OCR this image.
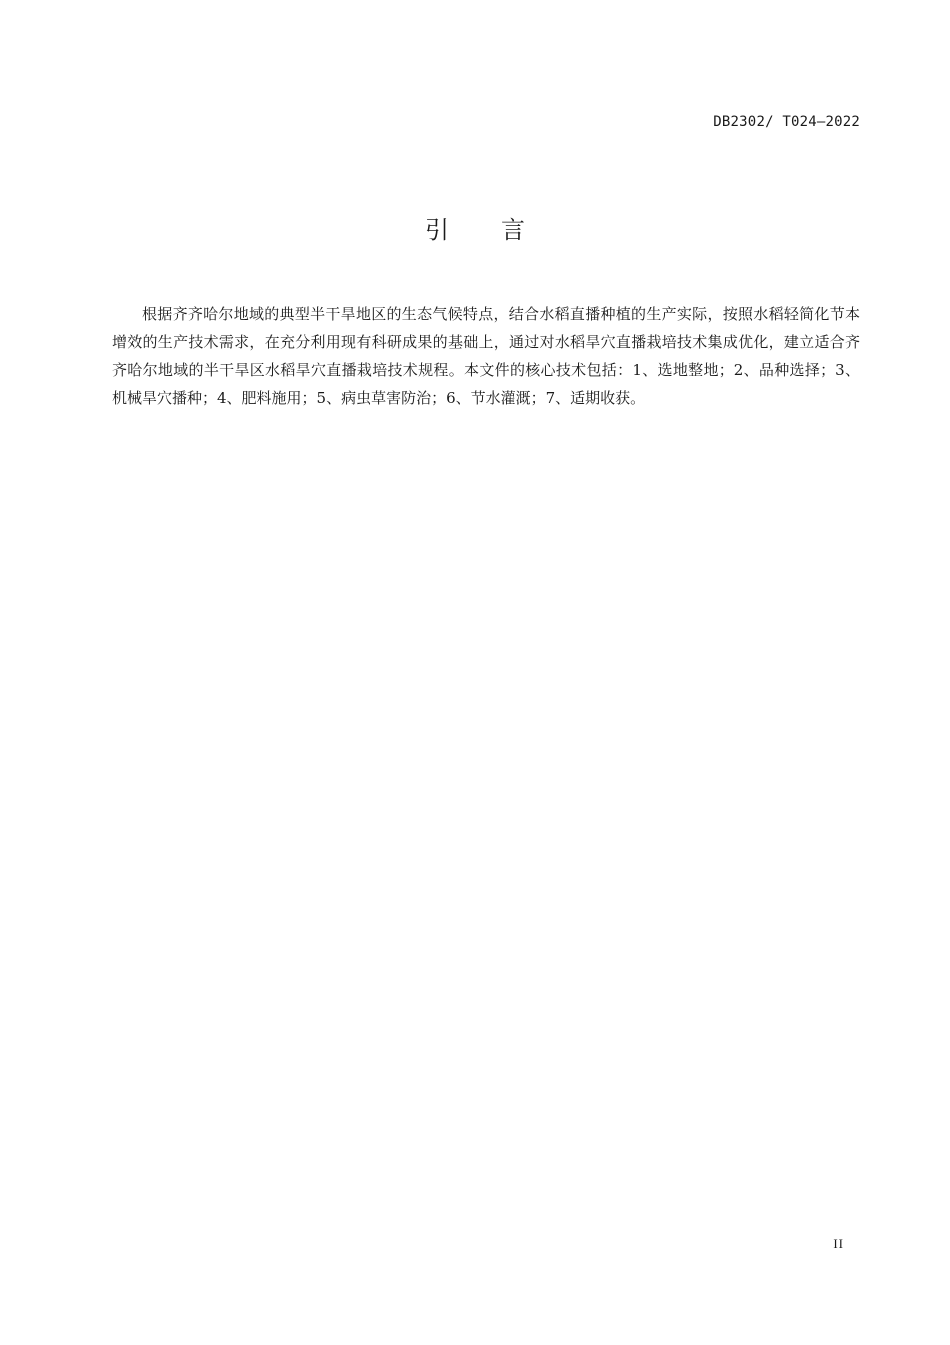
DB2302/ T024—2022
引言

根据齐齐哈尔地域的典型半干旱地区的生态气候特点，结合水稻直播种植的生产实际，按照水稻轻简化节本增效的生产技术需求，在充分利用现有科研成果的基础上，通过对水稻旱穴直播栽培技术集成优化，建立适合齐齐哈尔地域的半干旱区水稻旱穴直播栽培技术规程。本文件的核心技术包括：1、选地整地；2、品种选择；3、机械旱穴播种；4、肥料施用；5、病虫草害防治；6、节水灌溉；7、适期收获。

II
